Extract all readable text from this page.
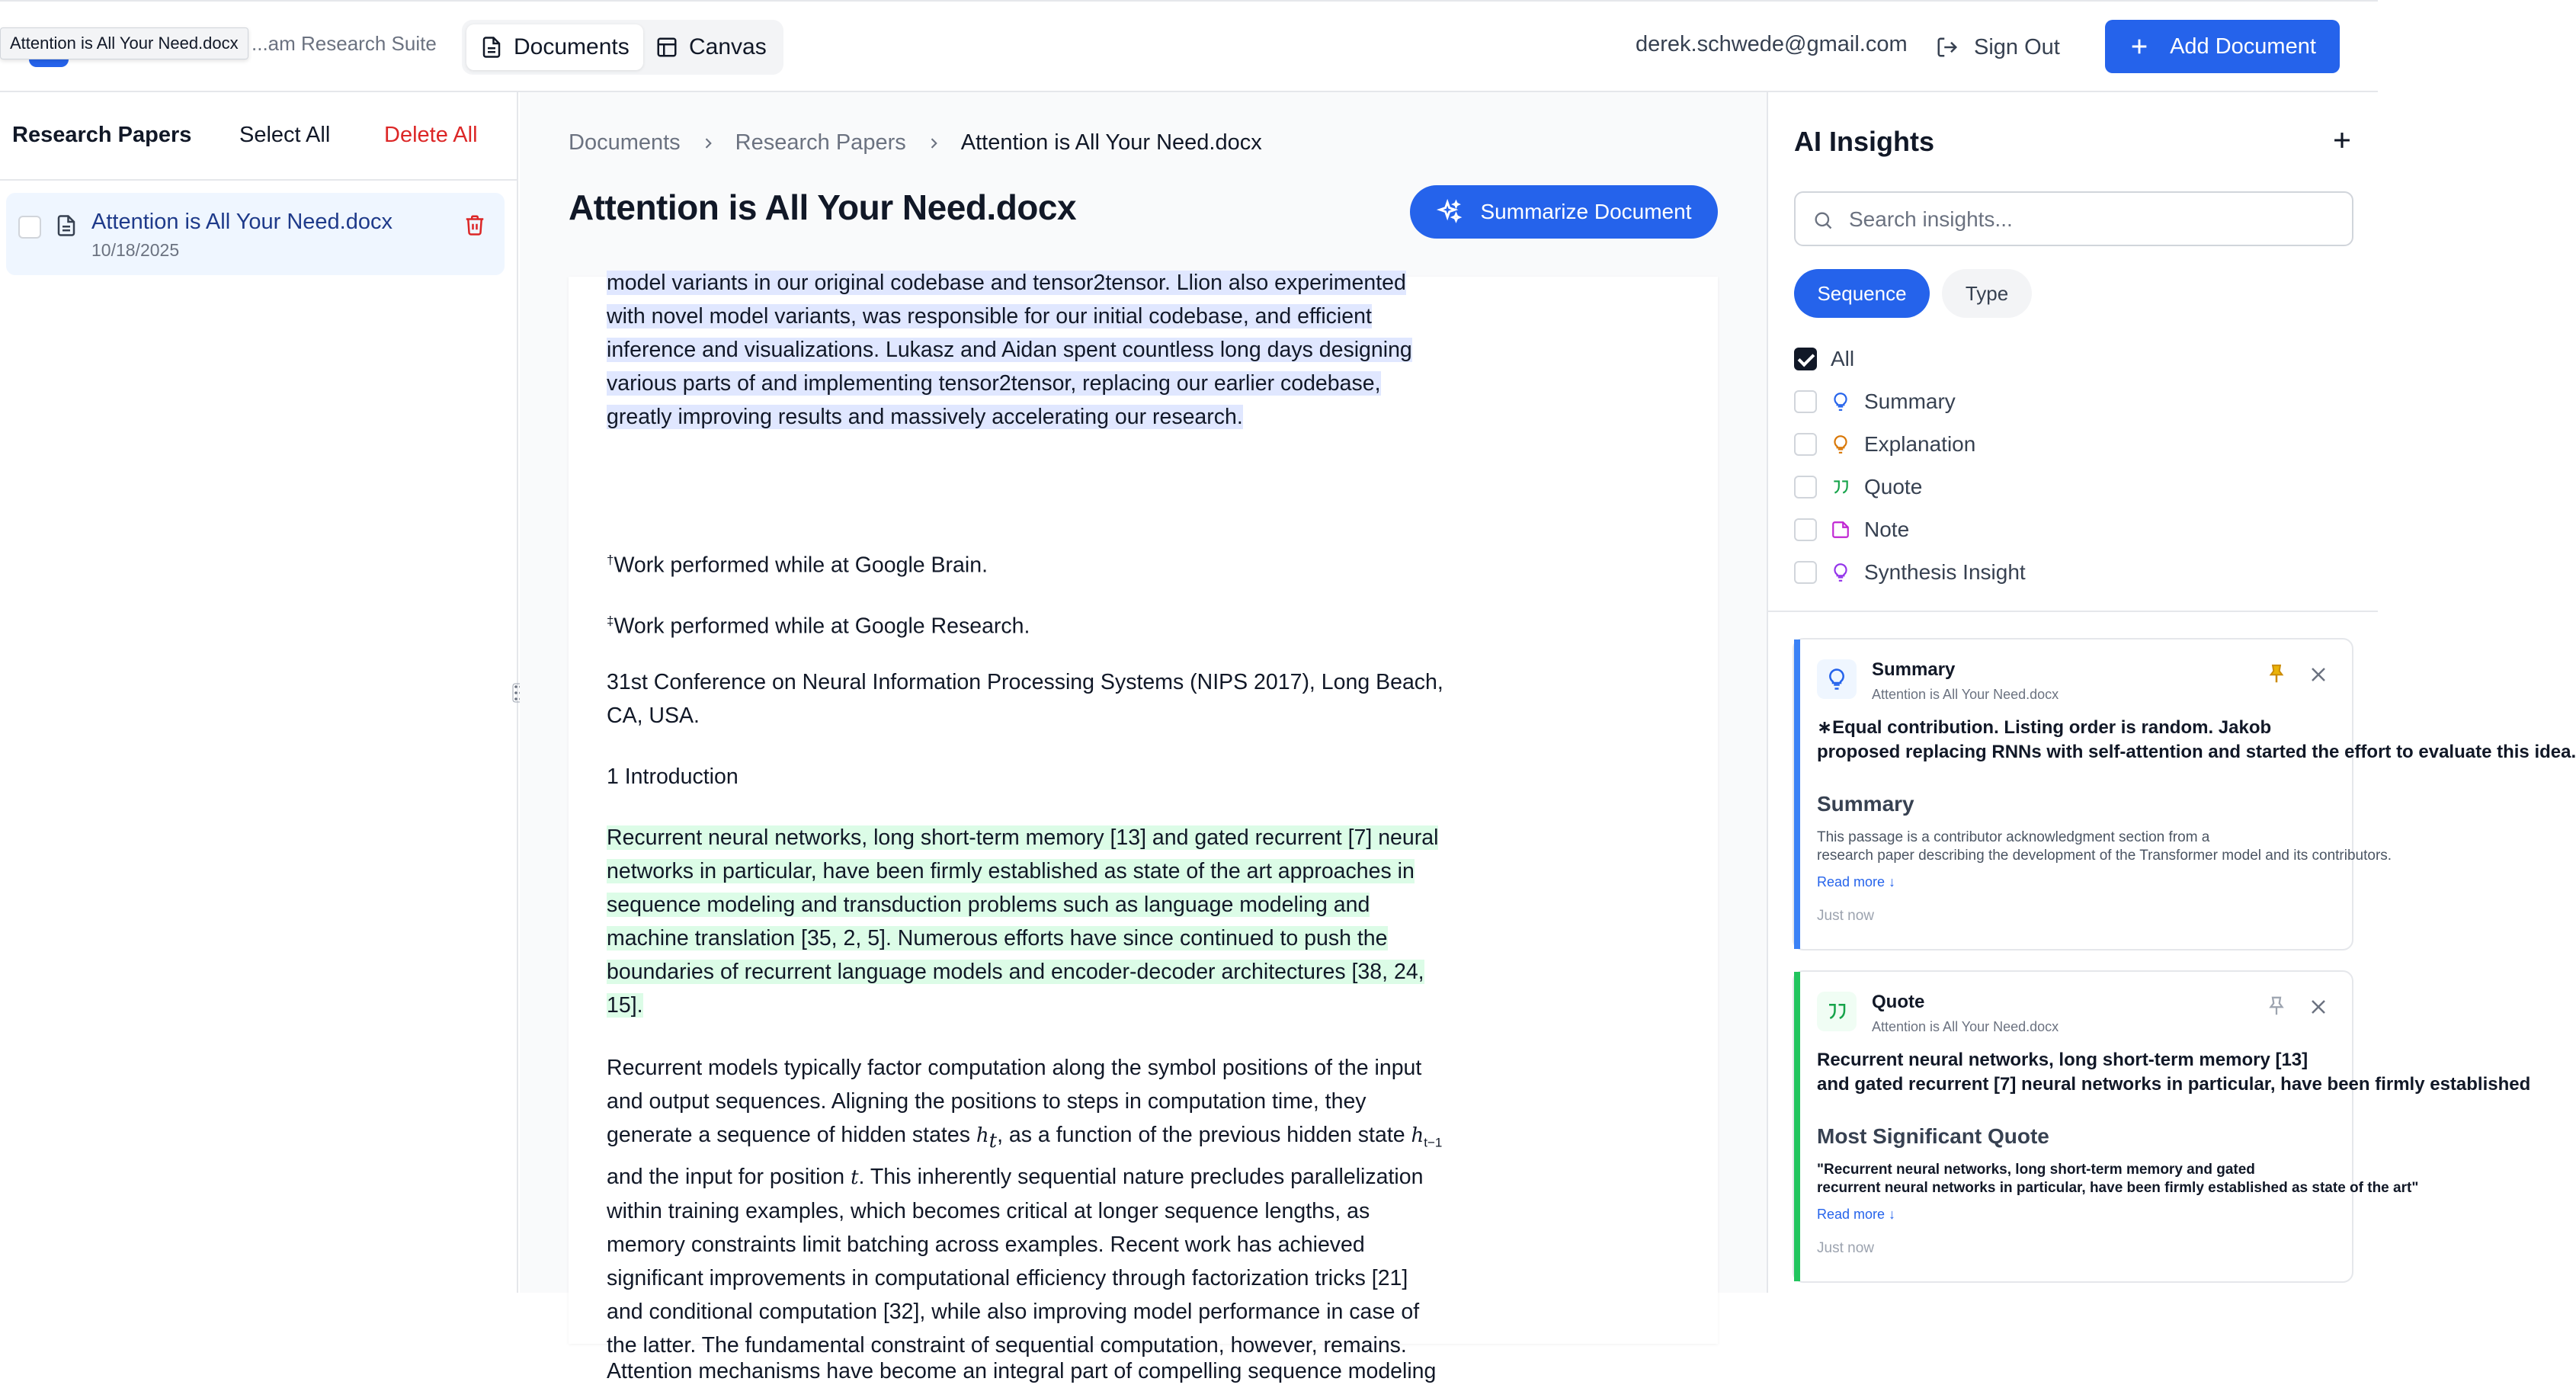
...am Research Suite
Attention is All Your Need.docx	Documents	Canvas	derek.schwede@gmail.com	Sign Out	Add Document
Research Papers Select All Delete All
Attention is All Your Need.docx
10/18/2025
Documents Research Papers Attention is All Your Need.docx
Attention is All Your Need.docx	Summarize Document
model variants in our original codebase and tensor2tensor. Llion also experimented
with novel model variants, was responsible for our initial codebase, and efficient
inference and visualizations. Lukasz and Aidan spent countless long days designing
various parts of and implementing tensor2tensor, replacing our earlier codebase,
greatly improving results and massively accelerating our research.
†Work performed while at Google Brain.
‡Work performed while at Google Research.
31st Conference on Neural Information Processing Systems (NIPS 2017), Long Beach,
CA, USA.
1 Introduction
Recurrent neural networks, long short-term memory [13] and gated recurrent [7] neural
networks in particular, have been firmly established as state of the art approaches in
sequence modeling and transduction problems such as language modeling and
machine translation [35, 2, 5]. Numerous efforts have since continued to push the
boundaries of recurrent language models and encoder-decoder architectures [38, 24,
15].
Recurrent models typically factor computation along the symbol positions of the input
and output sequences. Aligning the positions to steps in computation time, they
generate a sequence of hidden states $h_t$, as a function of the previous hidden state $h_{t-1}$
and the input for position t. This inherently sequential nature precludes parallelization
within training examples, which becomes critical at longer sequence lengths, as
memory constraints limit batching across examples. Recent work has achieved
significant improvements in computational efficiency through factorization tricks [21]
and conditional computation [32], while also improving model performance in case of
the latter. The fundamental constraint of sequential computation, however, remains.
Attention mechanisms have become an integral part of compelling sequence modeling
AI Insights
Search insights...
Sequence	Type
All
Summary
Explanation
Quote
Note
Synthesis Insight
Summary
Attention is All Your Need.docx
∗Equal contribution. Listing order is random. Jakob
proposed replacing RNNs with self-attention and started the effort to evaluate this idea.
Summary
This passage is a contributor acknowledgment section from a
research paper describing the development of the Transformer model and its contributors.
Read more ↓
Just now
Quote
Attention is All Your Need.docx
Recurrent neural networks, long short-term memory [13]
and gated recurrent [7] neural networks in particular, have been firmly established
Most Significant Quote
"Recurrent neural networks, long short-term memory and gated
recurrent neural networks in particular, have been firmly established as state of the art"
Read more ↓
Just now
